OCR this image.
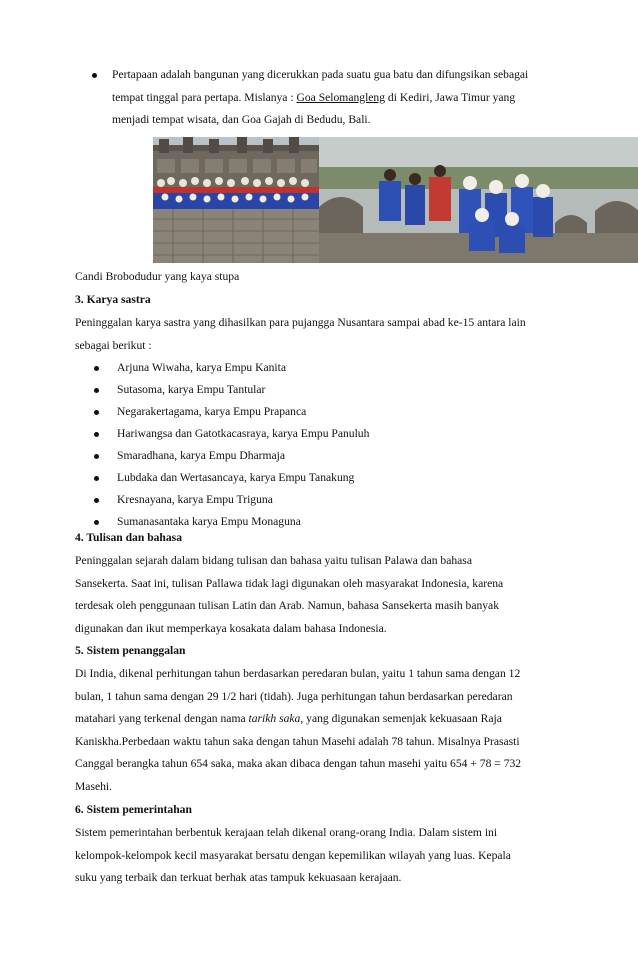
Pertapaan adalah bangunan yang dicerukkan pada suatu gua batu dan difungsikan sebagai
tempat tinggal para pertapa. Mislanya : Goa Selomangleng di Kediri, Jawa Timur yang
menjadi tempat wisata, dan Goa Gajah di Bedudu, Bali.
Candi Brobodudur yang kaya stupa
3. Karya sastra
Peninggalan karya sastra yang dihasilkan para pujangga Nusantara sampai abad ke-15 antara lain
sebagai berikut :
Arjuna Wiwaha, karya Empu Kanita
Sutasoma, karya Empu Tantular
Negarakertagama, karya Empu Prapanca
Hariwangsa dan Gatotkacasraya, karya Empu Panuluh
Smaradhana, karya Empu Dharmaja
Lubdaka dan Wertasancaya, karya Empu Tanakung
Kresnayana, karya Empu Triguna
Sumanasantaka karya Empu Monaguna
4. Tulisan dan bahasa
Peninggalan sejarah dalam bidang tulisan dan bahasa yaitu tulisan Palawa dan bahasa
Sansekerta. Saat ini, tulisan Pallawa tidak lagi digunakan oleh masyarakat Indonesia, karena
terdesak oleh penggunaan tulisan Latin dan Arab. Namun, bahasa Sansekerta masih banyak
digunakan dan ikut memperkaya kosakata dalam bahasa Indonesia.
5. Sistem penanggalan
Di India, dikenal perhitungan tahun berdasarkan peredaran bulan, yaitu 1 tahun sama dengan 12
bulan, 1 tahun sama dengan 29 1/2 hari (tidah). Juga perhitungan tahun berdasarkan peredaran
matahari yang terkenal dengan nama tarikh saka, yang digunakan semenjak kekuasaan Raja
Kaniskha.Perbedaan waktu tahun saka dengan tahun Masehi adalah 78 tahun. Misalnya Prasasti
Canggal berangka tahun 654 saka, maka akan dibaca dengan tahun masehi yaitu 654 + 78 = 732
Masehi.
6. Sistem pemerintahan
Sistem pemerintahan berbentuk kerajaan telah dikenal orang-orang India. Dalam sistem ini
kelompok-kelompok kecil masyarakat bersatu dengan kepemilikan wilayah yang luas. Kepala
suku yang terbaik dan terkuat berhak atas tampuk kekuasaan kerajaan.
